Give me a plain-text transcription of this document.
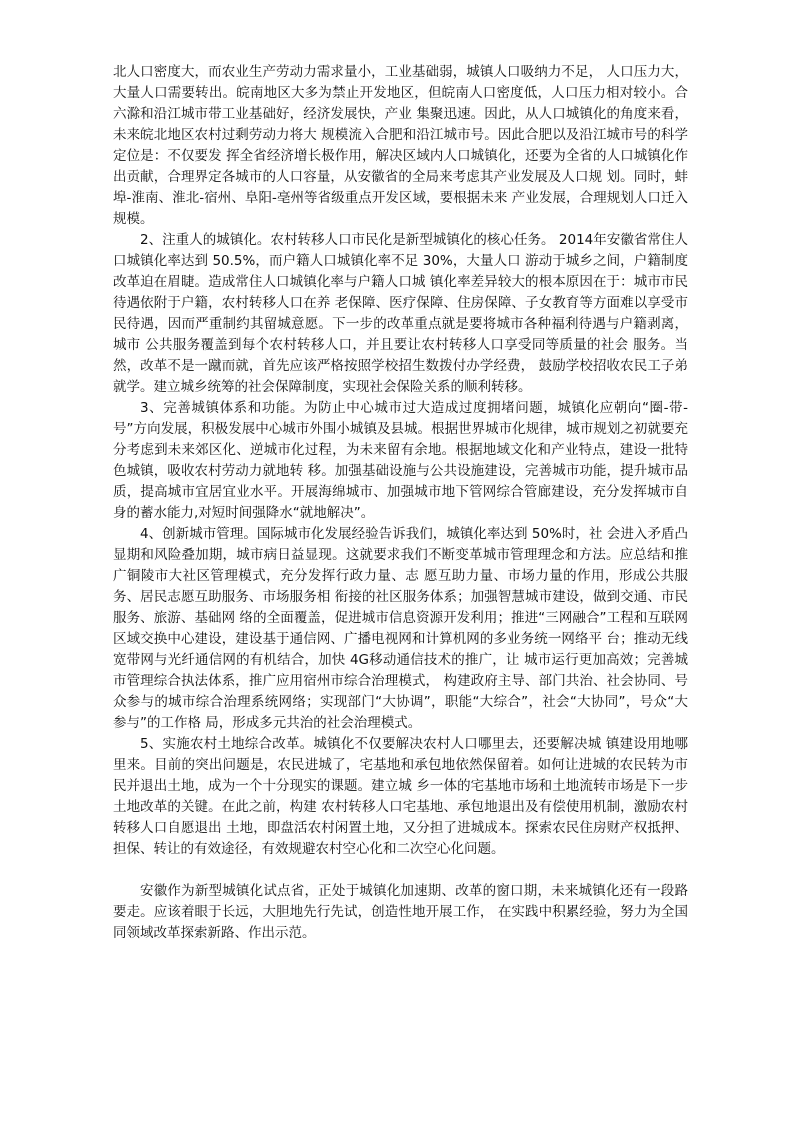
北人口密度大，而农业生产劳动力需求量小，工业基础弱，城镇人口吸纳力不足， 人口压力大，大量人口需要转出。皖南地区大多为禁止开发地区，但皖南人口密度低，人口压力相对较小。合六滁和沿江城市带工业基础好，经济发展快，产业 集聚迅速。因此，从人口城镇化的角度来看，未来皖北地区农村过剩劳动力将大 规模流入合肥和沿江城市号。因此合肥以及沿江城市号的科学定位是：不仅要发 挥全省经济增长极作用，解决区域内人口城镇化，还要为全省的人口城镇化作出贡献，合理界定各城市的人口容量，从安徽省的全局来考虑其产业发展及人口规 划。同时，蚌埠-淮南、淮北-宿州、阜阳-亳州等省级重点开发区域，要根据未来 产业发展，合理规划人口迁入规模。

2、注重人的城镇化。农村转移人口市民化是新型城镇化的核心任务。 2014年安徽省常住人口城镇化率达到 50.5%，而户籍人口城镇化率不足 30%，大量人口 游动于城乡之间，户籍制度改革迫在眉睫。造成常住人口城镇化率与户籍人口城 镇化率差异较大的根本原因在于：城市市民待遇依附于户籍，农村转移人口在养 老保障、医疗保障、住房保障、子女教育等方面难以享受市民待遇，因而严重制约其留城意愿。下一步的改革重点就是要将城市各种福利待遇与户籍剥离，城市 公共服务覆盖到每个农村转移人口，并且要让农村转移人口享受同等质量的社会 服务。当然，改革不是一蹴而就，首先应该严格按照学校招生数拨付办学经费， 鼓励学校招收农民工子弟就学。建立城乡统筹的社会保障制度，实现社会保险关系的顺利转移。

3、完善城镇体系和功能。为防止中心城市过大造成过度拥堵问题，城镇化应朝向“圈-带-号”方向发展，积极发展中心城市外围小城镇及县城。根据世界城市化规律，城市规划之初就要充分考虑到未来郊区化、逆城市化过程，为未来留有余地。根据地域文化和产业特点，建设一批特色城镇，吸收农村劳动力就地转 移。加强基础设施与公共设施建设，完善城市功能，提升城市品质，提高城市宜居宜业水平。开展海绵城市、加强城市地下管网综合管廊建设，充分发挥城市自 身的蓄水能力,对短时间强降水“就地解决”。

4、创新城市管理。国际城市化发展经验告诉我们，城镇化率达到 50%时，社 会进入矛盾凸显期和风险叠加期，城市病日益显现。这就要求我们不断变革城市管理理念和方法。应总结和推广铜陵市大社区管理模式，充分发挥行政力量、志 愿互助力量、市场力量的作用，形成公共服务、居民志愿互助服务、市场服务相 衔接的社区服务体系；加强智慧城市建设，做到交通、市民服务、旅游、基础网 络的全面覆盖，促进城市信息资源开发利用；推进“三网融合”工程和互联网区域交换中心建设，建设基于通信网、广播电视网和计算机网的多业务统一网络平 台；推动无线宽带网与光纤通信网的有机结合，加快 4G移动通信技术的推广，让 城市运行更加高效；完善城市管理综合执法体系，推广应用宿州市综合治理模式， 构建政府主导、部门共治、社会协同、号众参与的城市综合治理系统网络；实现部门“大协调”，职能“大综合”，社会“大协同”，号众“大参与”的工作格 局，形成多元共治的社会治理模式。

5、实施农村土地综合改革。城镇化不仅要解决农村人口哪里去，还要解决城 镇建设用地哪里来。目前的突出问题是，农民进城了，宅基地和承包地依然保留着。如何让进城的农民转为市民并退出土地，成为一个十分现实的课题。建立城 乡一体的宅基地市场和土地流转市场是下一步土地改革的关键。在此之前，构建 农村转移人口宅基地、承包地退出及有偿使用机制，激励农村转移人口自愿退出 土地，即盘活农村闲置土地，又分担了进城成本。探索农民住房财产权抵押、担保、转让的有效途径，有效规避农村空心化和二次空心化问题。

安徽作为新型城镇化试点省，正处于城镇化加速期、改革的窗口期，未来城镇化还有一段路要走。应该着眼于长远，大胆地先行先试，创造性地开展工作， 在实践中积累经验，努力为全国同领域改革探索新路、作出示范。
